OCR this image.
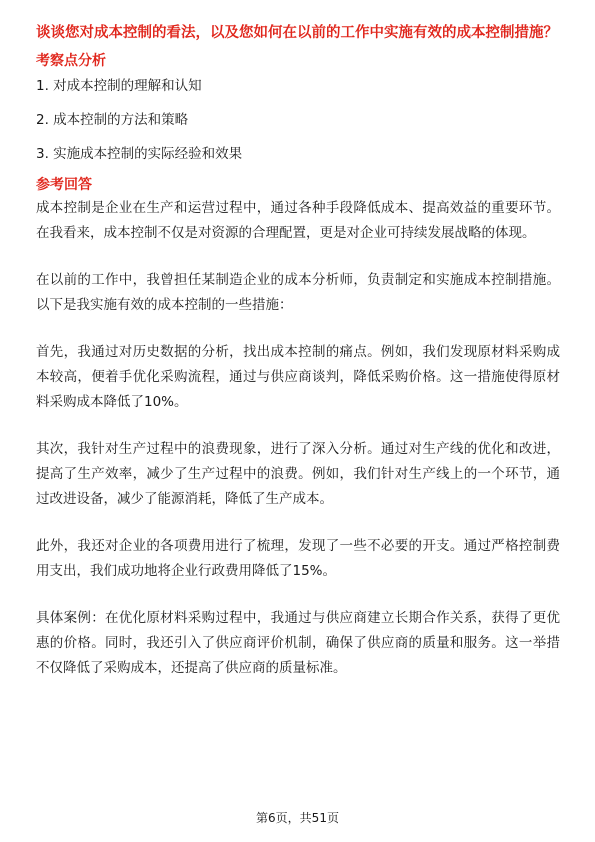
谈谈您对成本控制的看法，以及您如何在以前的工作中实施有效的成本控制措施？

考察点分析

1. 对成本控制的理解和认知
2. 成本控制的方法和策略
3. 实施成本控制的实际经验和效果

参考回答

成本控制是企业在生产和运营过程中，通过各种手段降低成本、提高效益的重要环节。在我看来，成本控制不仅是对资源的合理配置，更是对企业可持续发展战略的体现。

在以前的工作中，我曾担任某制造企业的成本分析师，负责制定和实施成本控制措施。以下是我实施有效的成本控制的一些措施：

首先，我通过对历史数据的分析，找出成本控制的痛点。例如，我们发现原材料采购成本较高，便着手优化采购流程，通过与供应商谈判，降低采购价格。这一措施使得原材料采购成本降低了10%。

其次，我针对生产过程中的浪费现象，进行了深入分析。通过对生产线的优化和改进，提高了生产效率，减少了生产过程中的浪费。例如，我们针对生产线上的一个环节，通过改进设备，减少了能源消耗，降低了生产成本。

此外，我还对企业的各项费用进行了梳理，发现了一些不必要的开支。通过严格控制费用支出，我们成功地将企业行政费用降低了15%。

具体案例：在优化原材料采购过程中，我通过与供应商建立长期合作关系，获得了更优惠的价格。同时，我还引入了供应商评价机制，确保了供应商的质量和服务。这一举措不仅降低了采购成本，还提高了供应商的质量标准。

第6页，共51页
